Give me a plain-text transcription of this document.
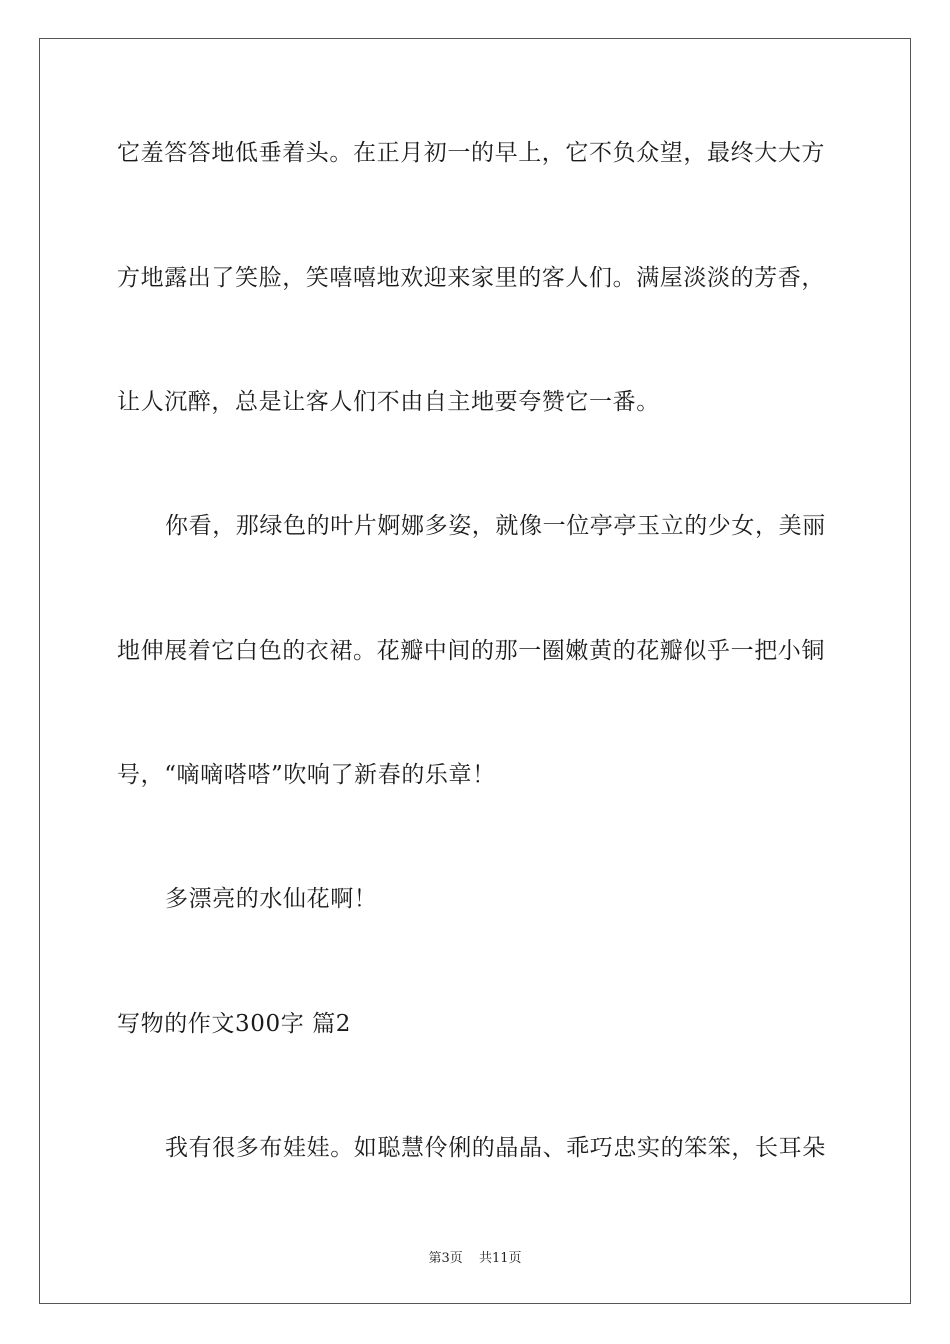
它羞答答地低垂着头。在正月初一的早上，它不负众望，最终大大方
方地露出了笑脸，笑嘻嘻地欢迎来家里的客人们。满屋淡淡的芳香，
让人沉醉，总是让客人们不由自主地要夸赞它一番。
你看，那绿色的叶片婀娜多姿，就像一位亭亭玉立的少女，美丽
地伸展着它白色的衣裙。花瓣中间的那一圈嫩黄的花瓣似乎一把小铜
号，“嘀嘀嗒嗒”吹响了新春的乐章！
多漂亮的水仙花啊！
写物的作文300字 篇2
我有很多布娃娃。如聪慧伶俐的晶晶、乖巧忠实的笨笨，长耳朵
第3页 共11页
